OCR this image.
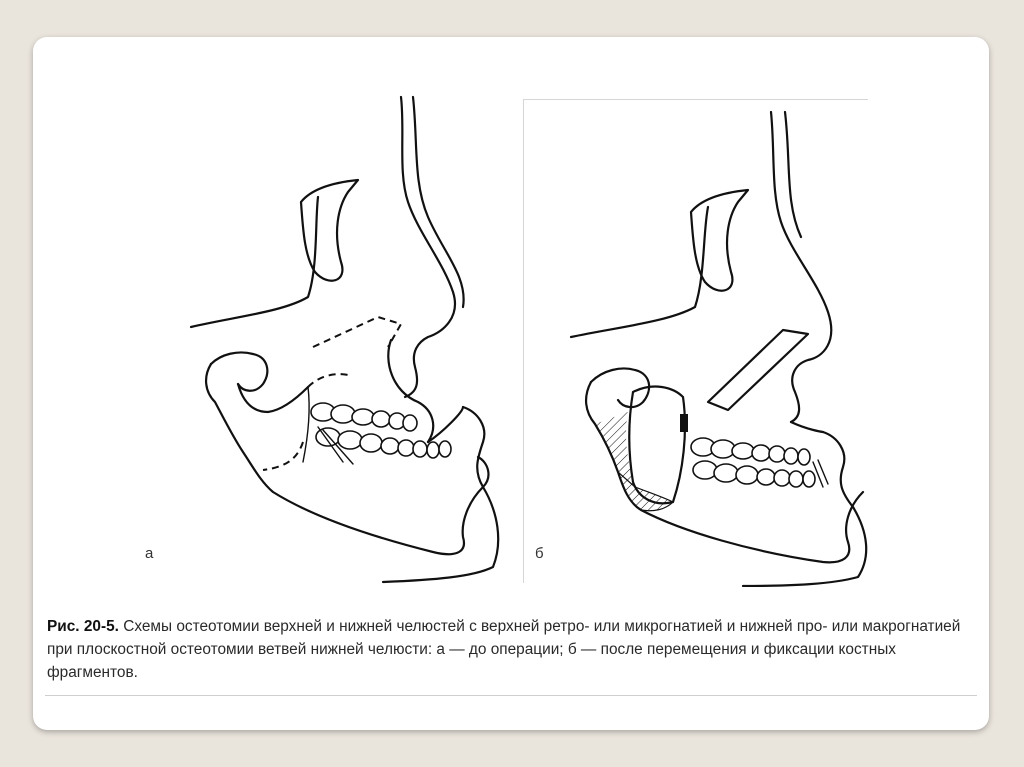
а	б
Рис. 20-5. Схемы остеотомии верхней и нижней челюстей с верхней ретро- или микрогнатией и нижней про- или макрогнатией при плоскостной остеотомии ветвей нижней челюсти: а — до операции; б — после перемещения и фиксации костных фрагментов.
